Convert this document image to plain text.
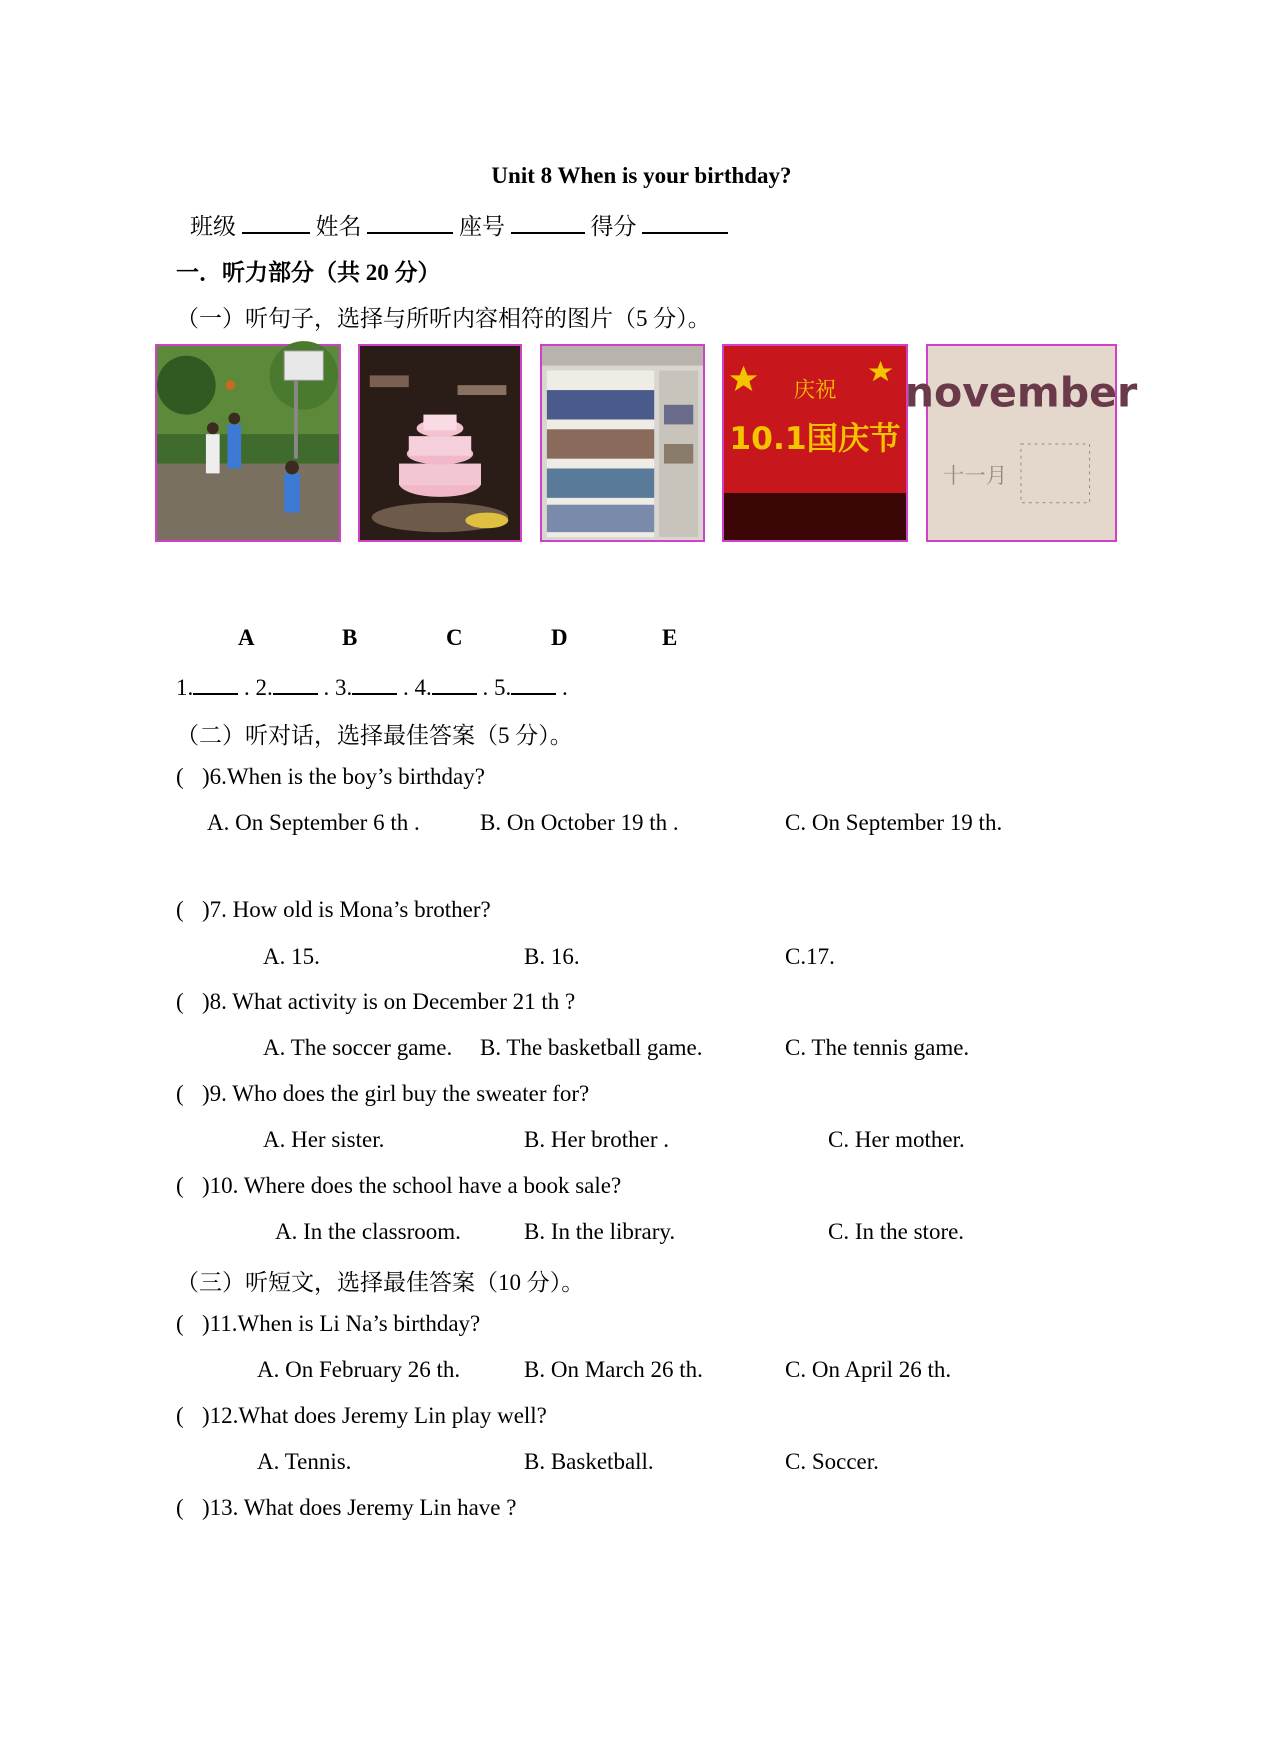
Unit 8 When is your birthday?
班级	姓名	座号	得分
一．听力部分（共 20 分）
（一）听句子，选择与所听内容相符的图片（5 分）。
庆祝
10.1国庆节
november
十一月
A	B	C	D	E
1. . 2. . 3. . 4. . 5. .
（二）听对话，选择最佳答案（5 分）。
( )6.When is the boy’s birthday?
A. On September 6 th .	B. On October 19 th .	C. On September 19 th.
( )7. How old is Mona’s brother?
A. 15.	B. 16.	C.17.
( )8. What activity is on December 21 th ?
A. The soccer game. B. The basketball game.	C. The tennis game.
( )9. Who does the girl buy the sweater for?
A. Her sister.	B. Her brother .	C. Her mother.
( )10. Where does the school have a book sale?
A. In the classroom.	B. In the library.	C. In the store.
（三）听短文，选择最佳答案（10 分）。
( )11.When is Li Na’s birthday?
A. On February 26 th.	B. On March 26 th.	C. On April 26 th.
( )12.What does Jeremy Lin play well?
A. Tennis.	B. Basketball.	C. Soccer.
( )13. What does Jeremy Lin have ?
